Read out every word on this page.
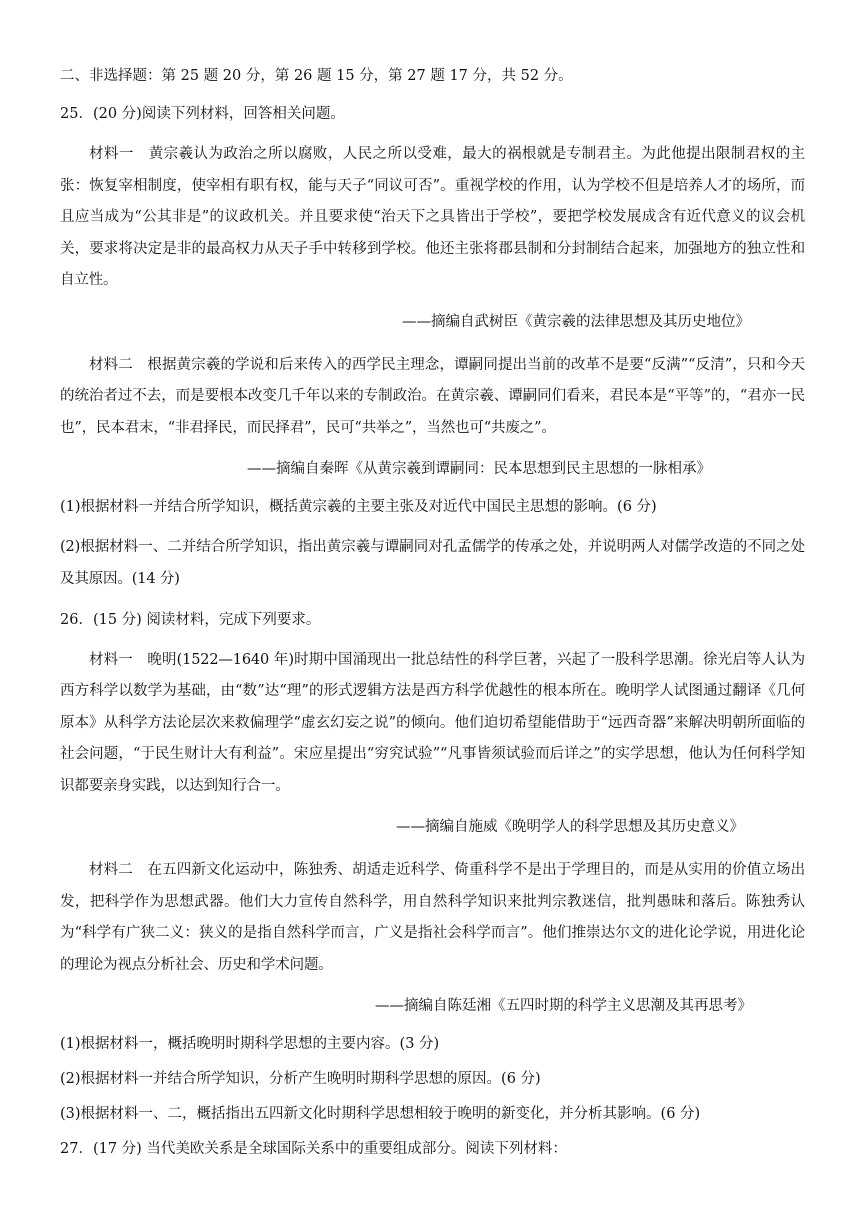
二、非选择题：第 25 题 20 分，第 26 题 15 分，第 27 题 17 分，共 52 分。

25．(20 分)阅读下列材料，回答相关问题。

材料一　黄宗羲认为政治之所以腐败，人民之所以受难，最大的祸根就是专制君主。为此他提出限制君权的主张：恢复宰相制度，使宰相有职有权，能与天子“同议可否”。重视学校的作用，认为学校不但是培养人才的场所，而且应当成为“公其非是”的议政机关。并且要求使“治天下之具皆出于学校”，要把学校发展成含有近代意义的议会机关，要求将决定是非的最高权力从天子手中转移到学校。他还主张将郡县制和分封制结合起来，加强地方的独立性和自立性。

——摘编自武树臣《黄宗羲的法律思想及其历史地位》

材料二　根据黄宗羲的学说和后来传入的西学民主理念，谭嗣同提出当前的改革不是要“反满”“反清”，只和今天的统治者过不去，而是要根本改变几千年以来的专制政治。在黄宗羲、谭嗣同们看来，君民本是“平等”的，“君亦一民也”，民本君末，“非君择民，而民择君”，民可“共举之”，当然也可“共废之”。

——摘编自秦晖《从黄宗羲到谭嗣同：民本思想到民主思想的一脉相承》

(1)根据材料一并结合所学知识，概括黄宗羲的主要主张及对近代中国民主思想的影响。(6 分)

(2)根据材料一、二并结合所学知识，指出黄宗羲与谭嗣同对孔孟儒学的传承之处，并说明两人对儒学改造的不同之处及其原因。(14 分)

26．(15 分) 阅读材料，完成下列要求。

材料一　晚明(1522—1640 年)时期中国涌现出一批总结性的科学巨著，兴起了一股科学思潮。徐光启等人认为西方科学以数学为基础，由“数”达“理”的形式逻辑方法是西方科学优越性的根本所在。晚明学人试图通过翻译《几何原本》从科学方法论层次来救偏理学“虚玄幻妄之说”的倾向。他们迫切希望能借助于“远西奇器”来解决明朝所面临的社会问题，“于民生财计大有利益”。宋应星提出“穷究试验”“凡事皆须试验而后详之”的实学思想，他认为任何科学知识都要亲身实践，以达到知行合一。

——摘编自施威《晚明学人的科学思想及其历史意义》

材料二　在五四新文化运动中，陈独秀、胡适走近科学、倚重科学不是出于学理目的，而是从实用的价值立场出发，把科学作为思想武器。他们大力宣传自然科学，用自然科学知识来批判宗教迷信，批判愚昧和落后。陈独秀认为“科学有广狭二义：狭义的是指自然科学而言，广义是指社会科学而言”。他们推崇达尔文的进化论学说，用进化论的理论为视点分析社会、历史和学术问题。

——摘编自陈廷湘《五四时期的科学主义思潮及其再思考》

(1)根据材料一，概括晚明时期科学思想的主要内容。(3 分)

(2)根据材料一并结合所学知识，分析产生晚明时期科学思想的原因。(6 分)

(3)根据材料一、二，概括指出五四新文化时期科学思想相较于晚明的新变化，并分析其影响。(6 分)

27．(17 分) 当代美欧关系是全球国际关系中的重要组成部分。阅读下列材料：
